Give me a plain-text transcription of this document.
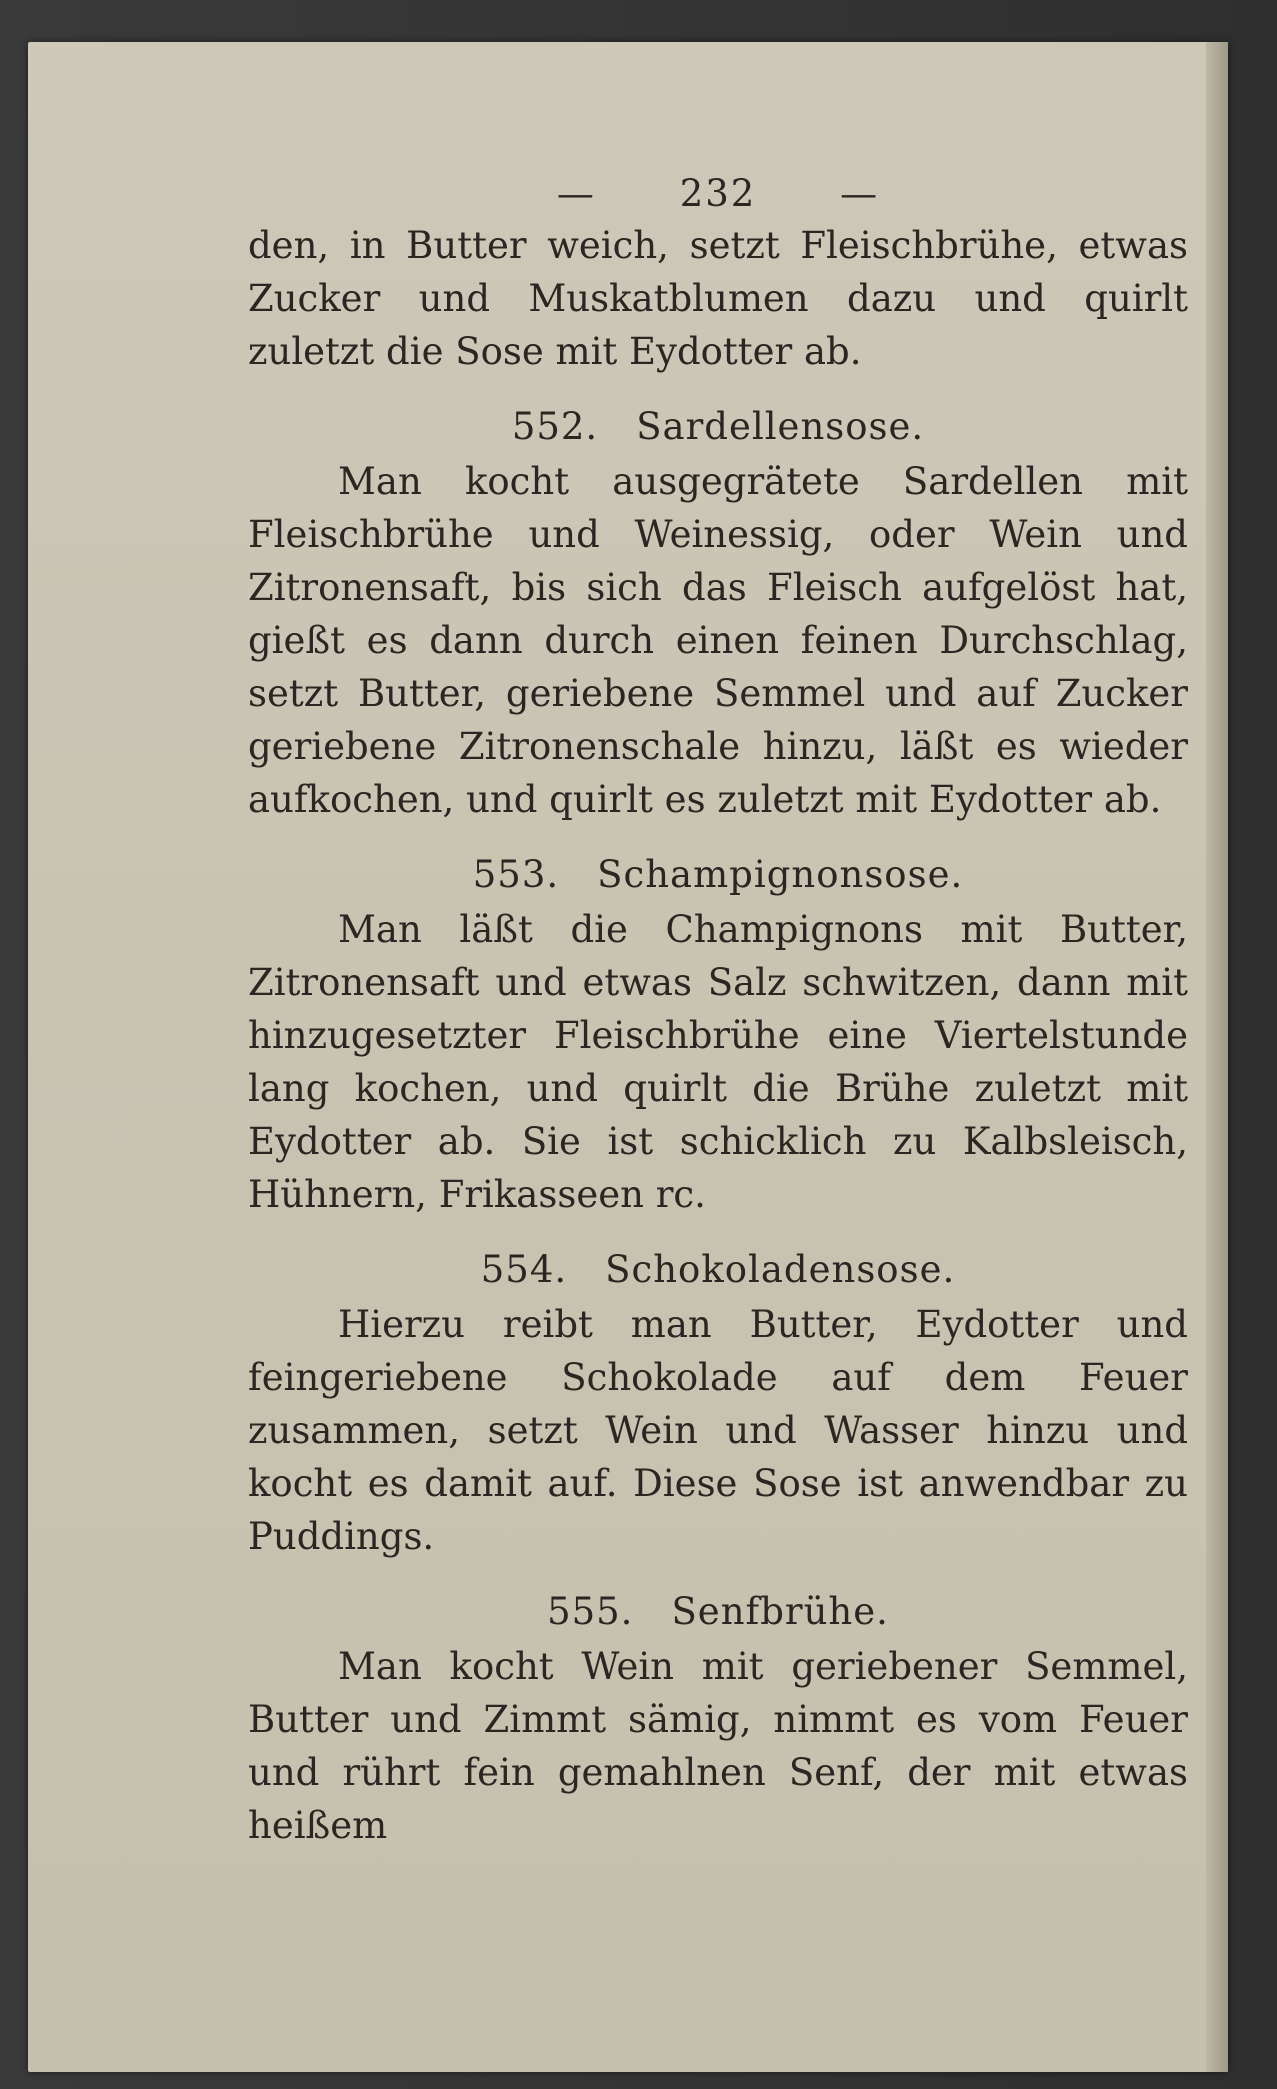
— 232 —

den, in Butter weich, setzt Fleischbrühe, etwas Zucker und Muskatblumen dazu und quirlt zuletzt die Sose mit Eydotter ab.

552. Sardellensose.

Man kocht ausgegrätete Sardellen mit Fleischbrühe und Weinessig, oder Wein und Zitronensaft, bis sich das Fleisch aufgelöst hat, gießt es dann durch einen feinen Durchschlag, setzt Butter, geriebene Semmel und auf Zucker geriebene Zitronenschale hinzu, läßt es wieder aufkochen, und quirlt es zuletzt mit Eydotter ab.

553. Schampignonsose.

Man läßt die Champignons mit Butter, Zitronensaft und etwas Salz schwitzen, dann mit hinzugesetzter Fleischbrühe eine Viertelstunde lang kochen, und quirlt die Brühe zuletzt mit Eydotter ab. Sie ist schicklich zu Kalbsleisch, Hühnern, Frikasseen rc.

554. Schokoladensose.

Hierzu reibt man Butter, Eydotter und feingeriebene Schokolade auf dem Feuer zusammen, setzt Wein und Wasser hinzu und kocht es damit auf. Diese Sose ist anwendbar zu Puddings.

555. Senfbrühe.

Man kocht Wein mit geriebener Semmel, Butter und Zimmt sämig, nimmt es vom Feuer und rührt fein gemahlnen Senf, der mit etwas heißem
